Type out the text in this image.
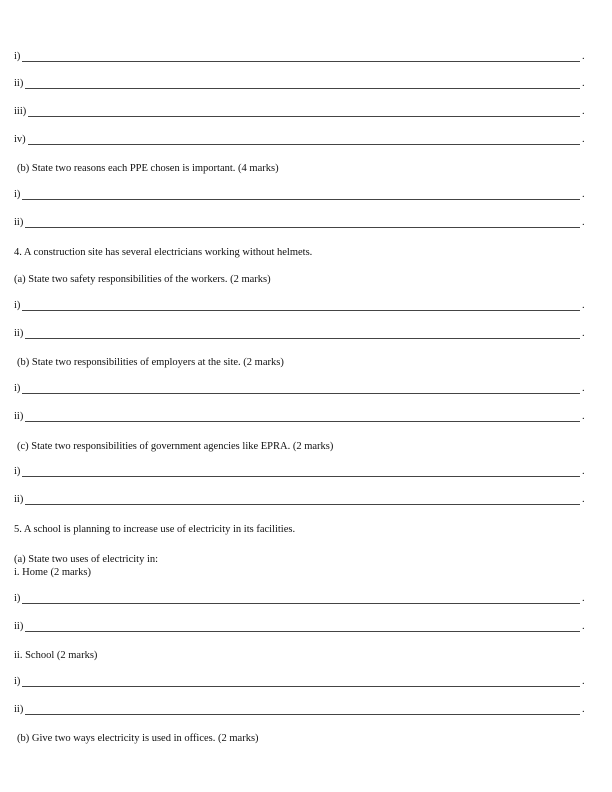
i)	.
ii)	.
iii)	.
iv)	.
(b) State two reasons each PPE chosen is important. (4 marks)
i)	.
ii)	.
4. A construction site has several electricians working without helmets.
(a) State two safety responsibilities of the workers. (2 marks)
i)	.
ii)	.
(b) State two responsibilities of employers at the site. (2 marks)
i)	.
ii)	.
(c) State two responsibilities of government agencies like EPRA. (2 marks)
i)	.
ii)	.
5. A school is planning to increase use of electricity in its facilities.
(a) State two uses of electricity in:
i. Home (2 marks)
i)	.
ii)	.
ii. School (2 marks)
i)	.
ii)	.
(b) Give two ways electricity is used in offices. (2 marks)
